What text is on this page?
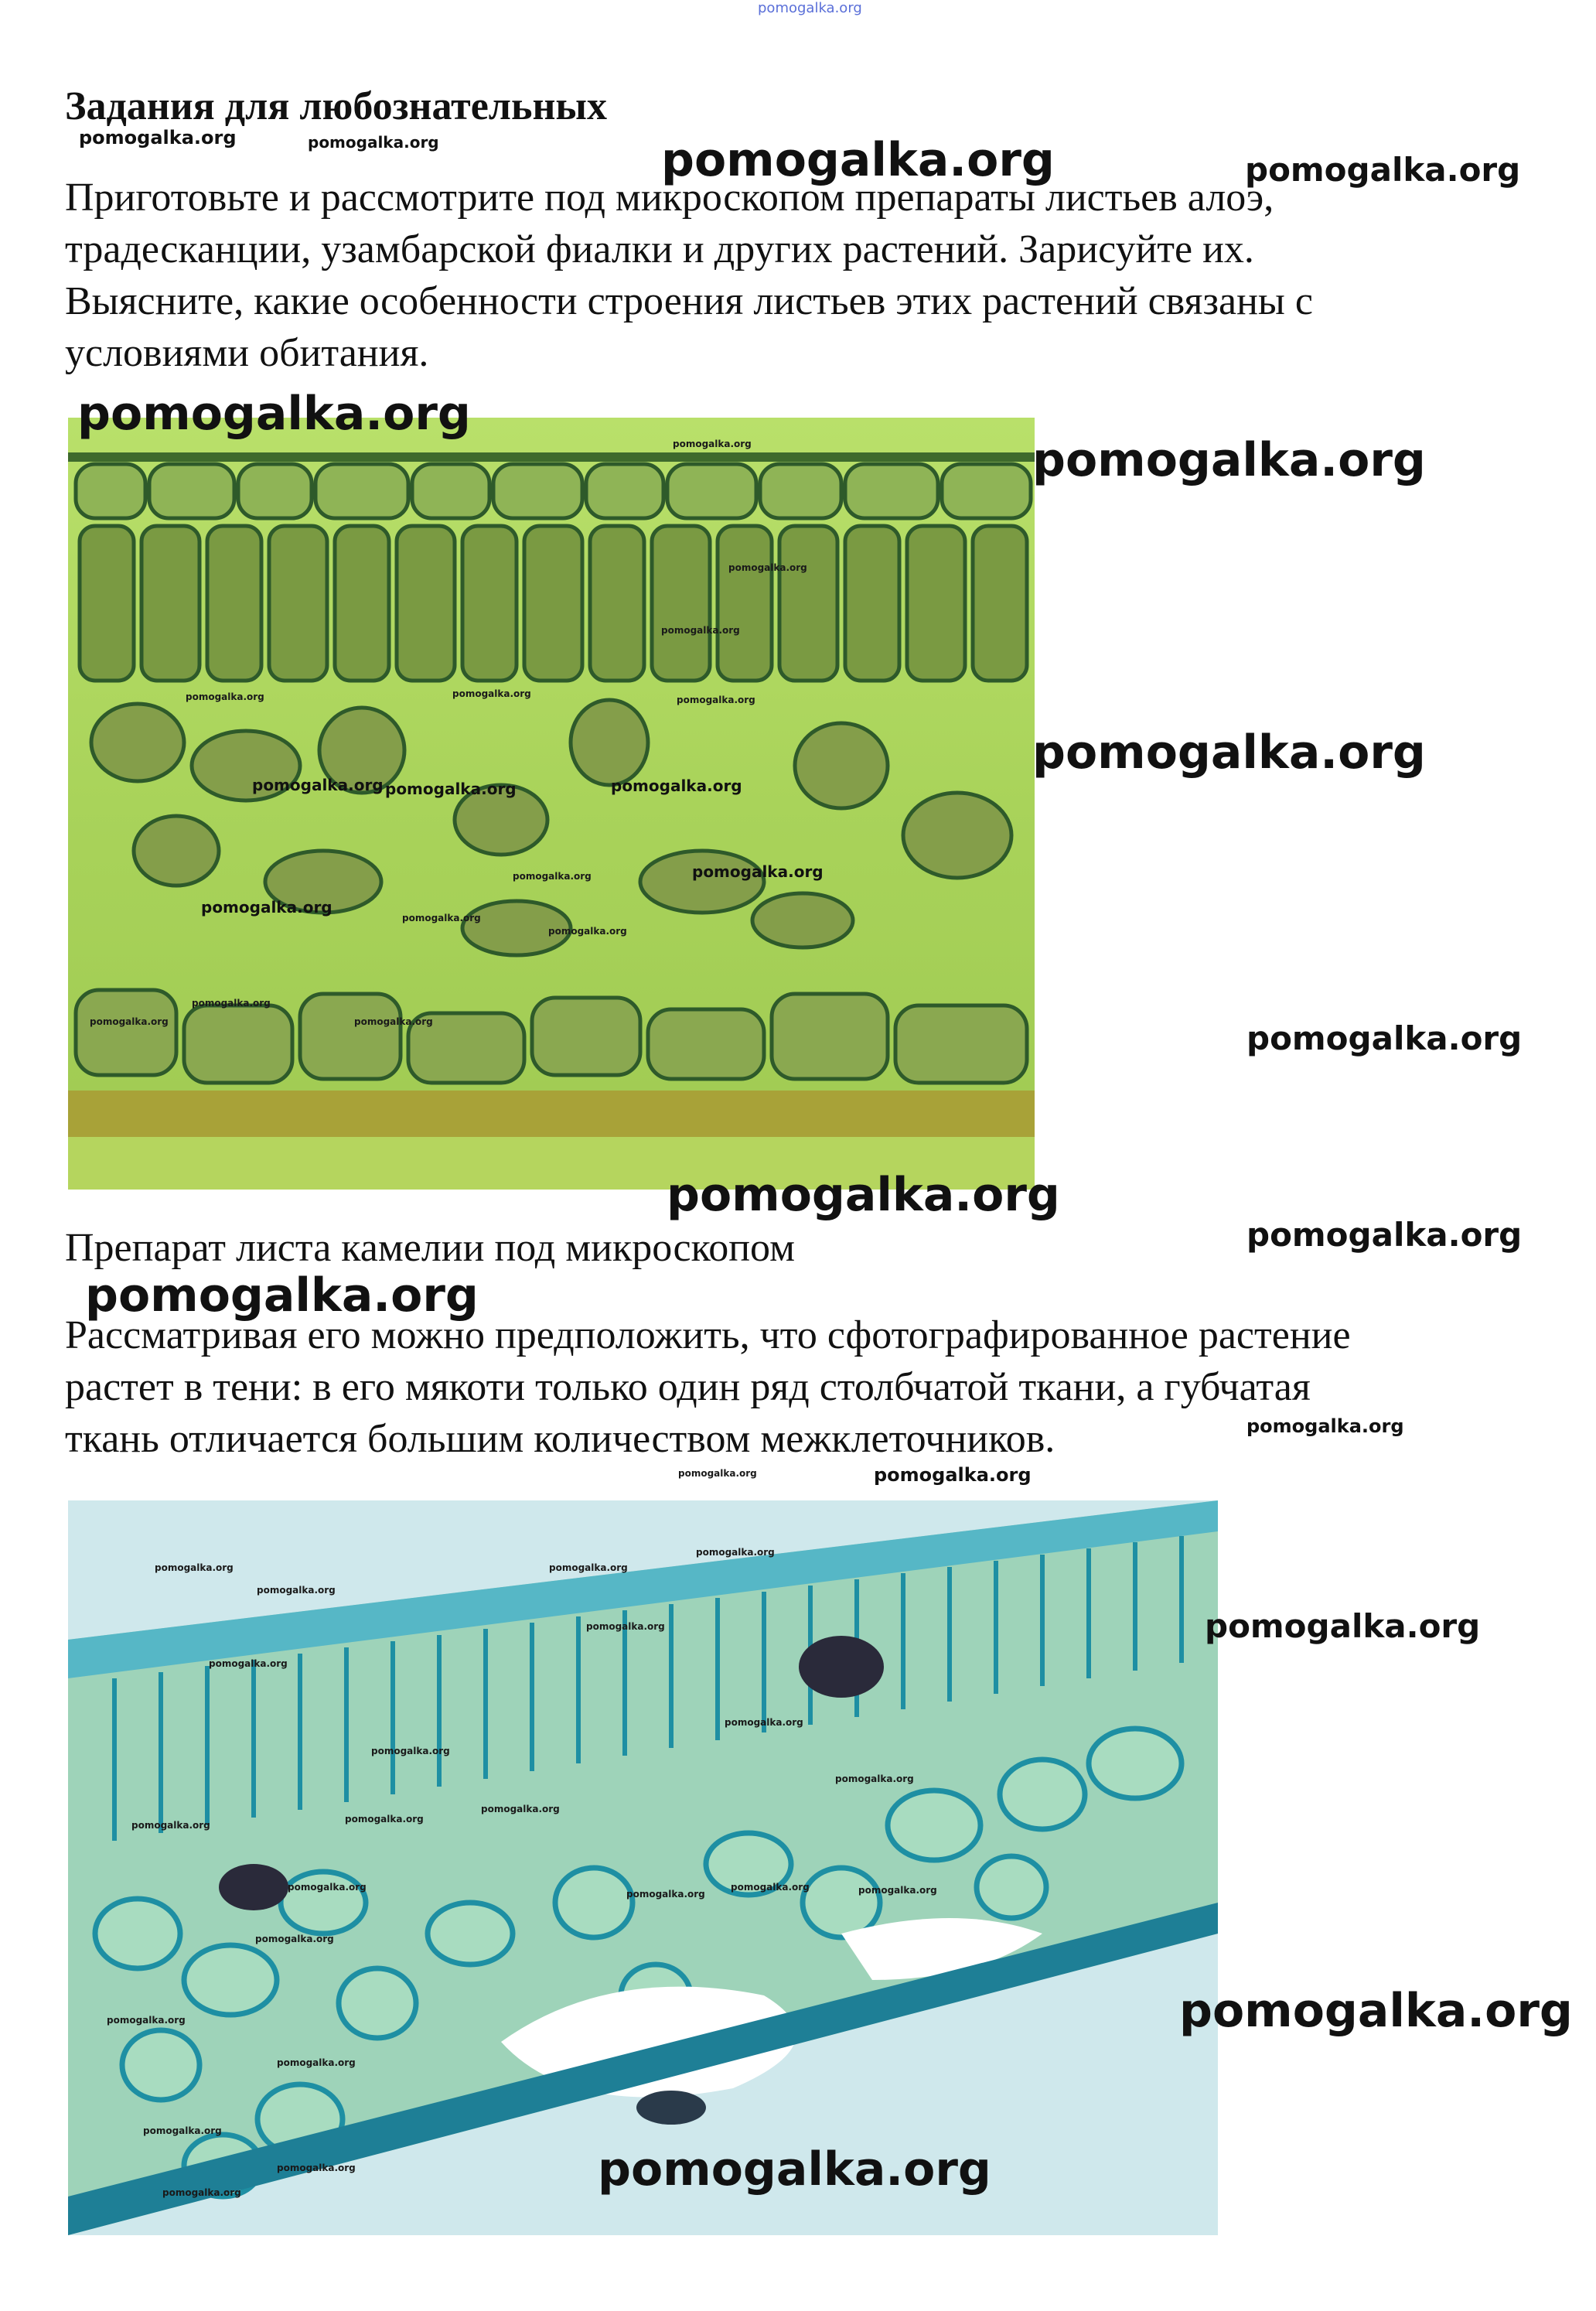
pomogalka.org
Задания для любознательных
pomogalka.org	pomogalka.org	pomogalka.org	pomogalka.org
Приготовьте и рассмотрите под микроскопом препараты листьев алоэ,
традесканции, узамбарской фиалки и других растений. Зарисуйте их.
Выясните, какие особенности строения листьев этих растений связаны с
условиями обитания.
pomogalka.org
pomogalka.org
pomogalka.org
pomogalka.org	pomogalka.org
pomogalka.org
pomogalka.org pomogalka.org	pomogalka.org
pomogalka.org
pomogalka.org
pomogalka.org
pomogalka.org
pomogalka.org
pomogalka.org
pomogalka.org	pomogalka.org
pomogalka.org
pomogalka.org
pomogalka.org
pomogalka.org
pomogalka.org
pomogalka.org
Препарат листа камелии под микроскопом
pomogalka.org
Рассматривая его можно предположить, что сфотографированное растение
растет в тени: в его мякоти только один ряд столбчатой ткани, а губчатая
ткань отличается большим количеством межклеточников.	pomogalka.org
pomogalka.org	pomogalka.org
pomogalka.org
pomogalka.org	pomogalka.org
pomogalka.org
pomogalka.org
pomogalka.org
pomogalka.org
pomogalka.org
pomogalka.org
pomogalka.org
pomogalka.org
pomogalka.org
pomogalka.org
pomogalka.org
pomogalka.org	pomogalka.org
pomogalka.org
pomogalka.org
pomogalka.org
pomogalka.org
pomogalka.org
pomogalka.org
pomogalka.org
pomogalka.org
pomogalka.org
